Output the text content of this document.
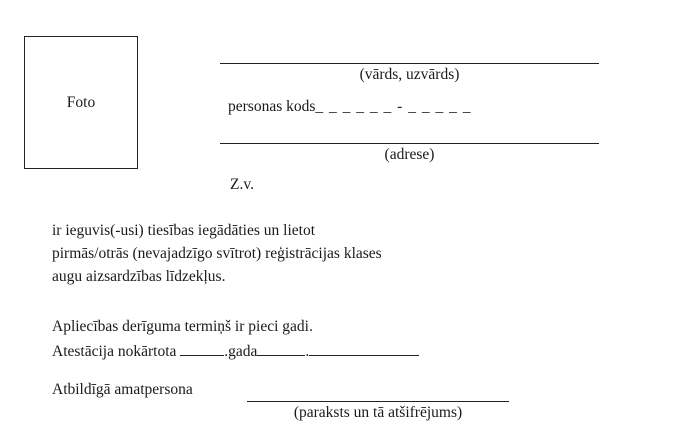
Foto
(vārds, uzvārds)
personas kods_ _ _ _ _ _ - _ _ _ _ _
(adrese)
Z.v.
ir ieguvis(-usi) tiesības iegādāties un lietot
pirmās/otrās (nevajadzīgo svītrot) reģistrācijas klases
augu aizsardzības līdzekļus.
Apliecības derīguma termiņš ir pieci gadi.
Atestācija nokārtota	.gada	.
Atbildīgā amatpersona
(paraksts un tā atšifrējums)
